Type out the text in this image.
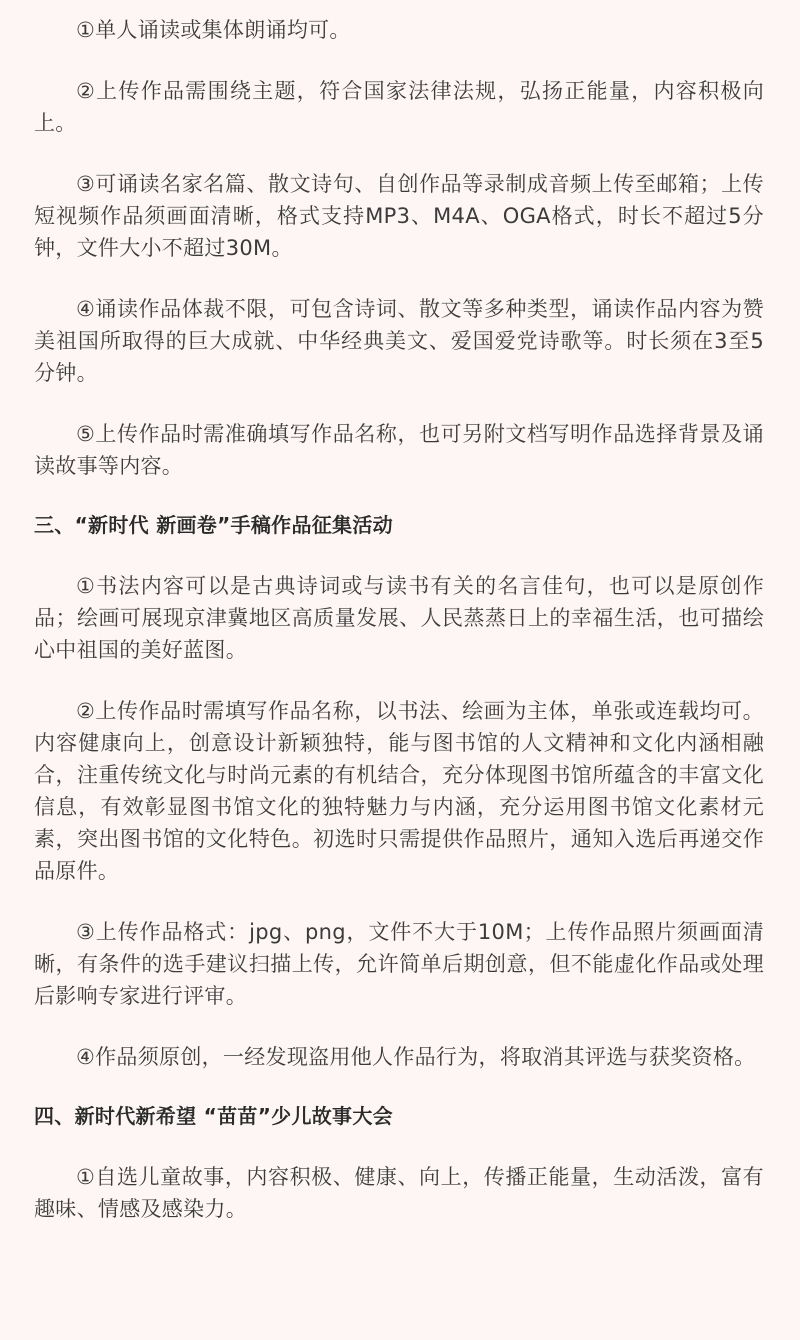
①单人诵读或集体朗诵均可。

②上传作品需围绕主题，符合国家法律法规，弘扬正能量，内容积极向上。

③可诵读名家名篇、散文诗句、自创作品等录制成音频上传至邮箱；上传短视频作品须画面清晰，格式支持MP3、M4A、OGA格式，时长不超过5分钟，文件大小不超过30M。

④诵读作品体裁不限，可包含诗词、散文等多种类型，诵读作品内容为赞美祖国所取得的巨大成就、中华经典美文、爱国爱党诗歌等。时长须在3至5分钟。

⑤上传作品时需准确填写作品名称，也可另附文档写明作品选择背景及诵读故事等内容。

三、“新时代 新画卷”手稿作品征集活动

①书法内容可以是古典诗词或与读书有关的名言佳句，也可以是原创作品；绘画可展现京津冀地区高质量发展、人民蒸蒸日上的幸福生活，也可描绘心中祖国的美好蓝图。

②上传作品时需填写作品名称，以书法、绘画为主体，单张或连载均可。内容健康向上，创意设计新颖独特，能与图书馆的人文精神和文化内涵相融合，注重传统文化与时尚元素的有机结合，充分体现图书馆所蕴含的丰富文化信息，有效彰显图书馆文化的独特魅力与内涵，充分运用图书馆文化素材元素，突出图书馆的文化特色。初选时只需提供作品照片，通知入选后再递交作品原件。

③上传作品格式：jpg、png，文件不大于10M；上传作品照片须画面清晰，有条件的选手建议扫描上传，允许简单后期创意，但不能虚化作品或处理后影响专家进行评审。

④作品须原创，一经发现盗用他人作品行为，将取消其评选与获奖资格。

四、新时代新希望 “苗苗”少儿故事大会

①自选儿童故事，内容积极、健康、向上，传播正能量，生动活泼，富有趣味、情感及感染力。
